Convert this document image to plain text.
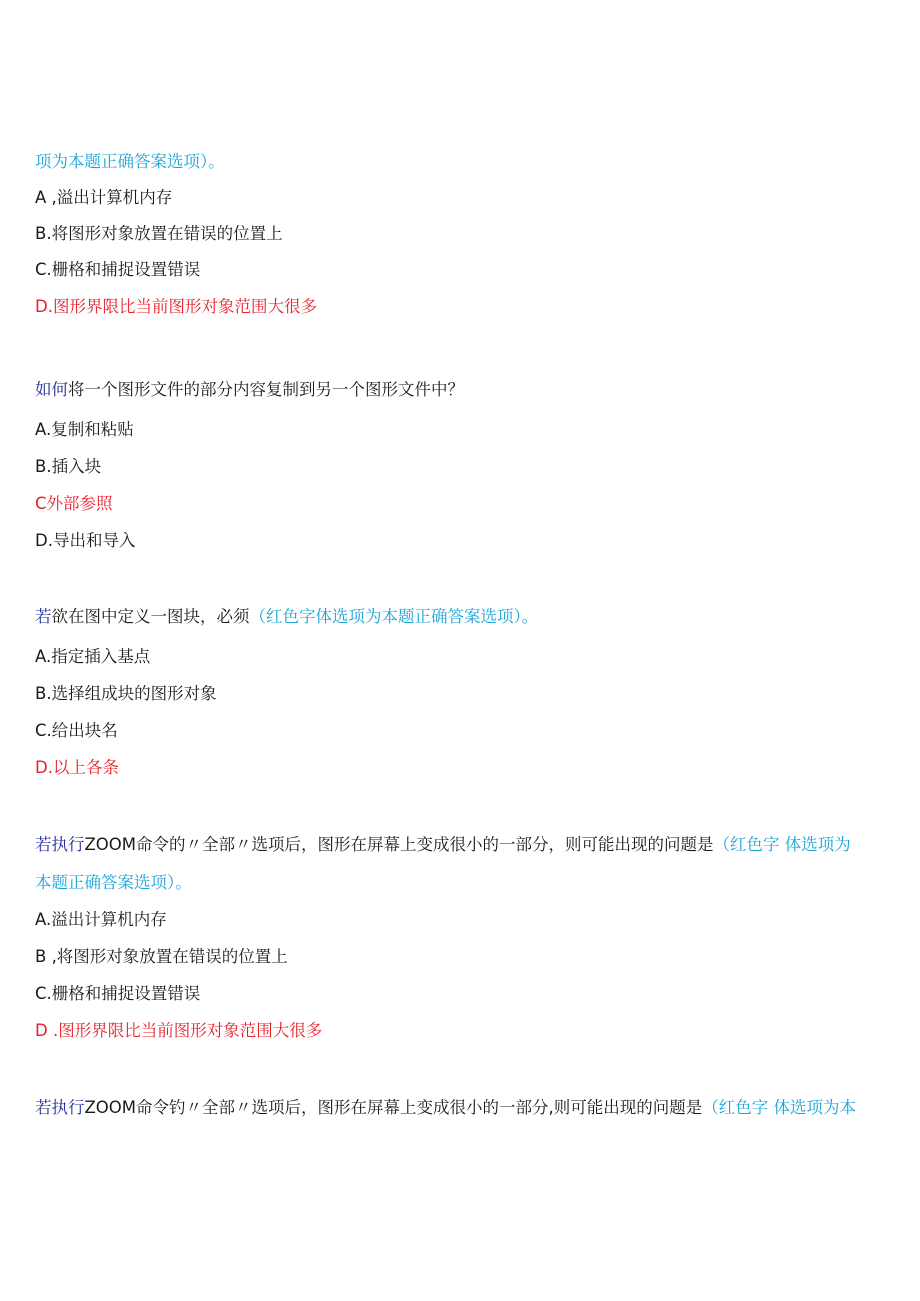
项为本题正确答案选项）。
A ,溢出计算机内存
B.将图形对象放置在错误的位置上
C.栅格和捕捉设置错误
D.图形界限比当前图形对象范围大很多
如何将一个图形文件的部分内容复制到另一个图形文件中？
A.复制和粘贴
B.插入块
C外部参照
D.导出和导入
若欲在图中定义一图块，必须（红色字体选项为本题正确答案选项）。
A.指定插入基点
B.选择组成块的图形对象
C.给出块名
D.以上各条
若执行ZOOM命令的〃全部〃选项后，图形在屏幕上变成很小的一部分，则可能出现的问题是（红色字 体选项为
本题正确答案选项）。
A.溢出计算机内存
B ,将图形对象放置在错误的位置上
C.栅格和捕捉设置错误
D .图形界限比当前图形对象范围大很多
若执行ZOOM命令钓〃全部〃选项后，图形在屏幕上变成很小的一部分,则可能出现的问题是（红色字 体选项为本
